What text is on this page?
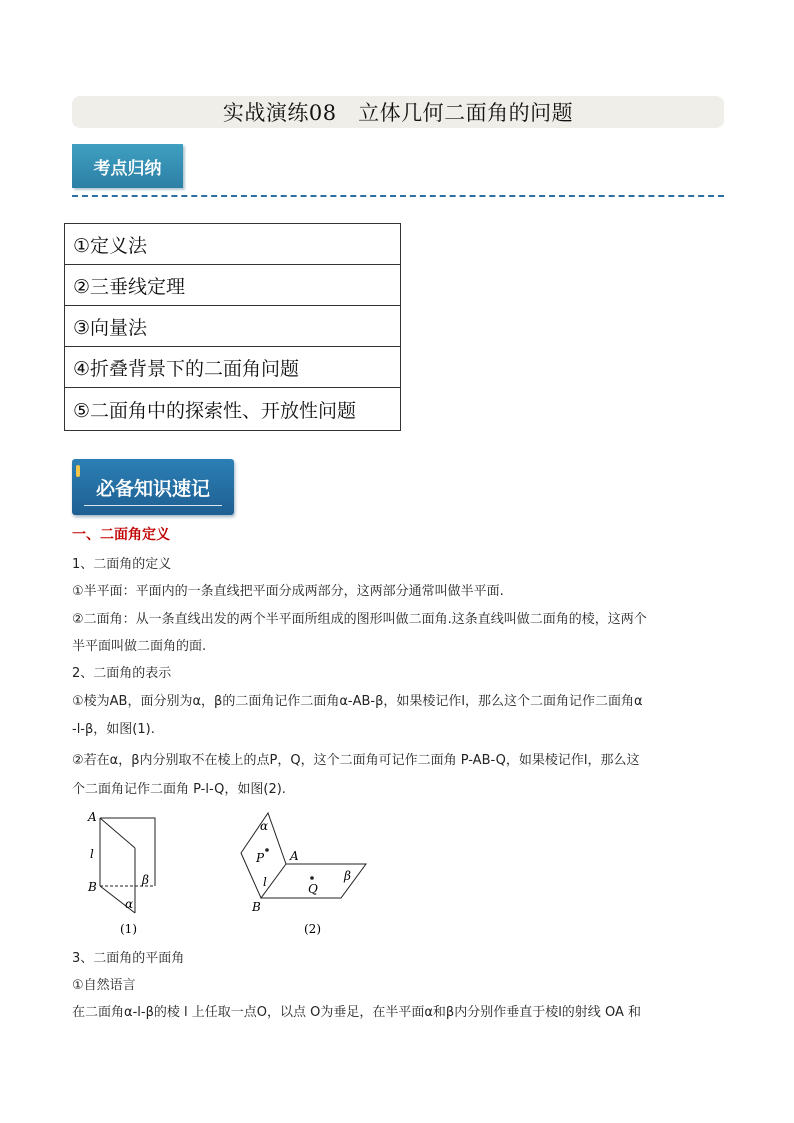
实战演练08　立体几何二面角的问题
考点归纳
①定义法
②三垂线定理
③向量法
④折叠背景下的二面角问题
⑤二面角中的探索性、开放性问题
必备知识速记
一、二面角定义
1、二面角的定义
①半平面：平面内的一条直线把平面分成两部分，这两部分通常叫做半平面.
②二面角：从一条直线出发的两个半平面所组成的图形叫做二面角.这条直线叫做二面角的棱，这两个
半平面叫做二面角的面.
2、二面角的表示
①棱为AB，面分别为α，β的二面角记作二面角α-AB-β，如果棱记作l，那么这个二面角记作二面角α
-l-β，如图(1).
②若在α，β内分别取不在棱上的点P，Q，这个二面角可记作二面角 P-AB-Q，如果棱记作l，那么这
个二面角记作二面角 P-l-Q，如图(2).
A
l
B	β
α
(1)
α
P A
l	Q
β
B
(2)
3、二面角的平面角
①自然语言
在二面角α-l-β的棱 l 上任取一点O，以点 O为垂足，在半平面α和β内分别作垂直于棱l的射线 OA 和
